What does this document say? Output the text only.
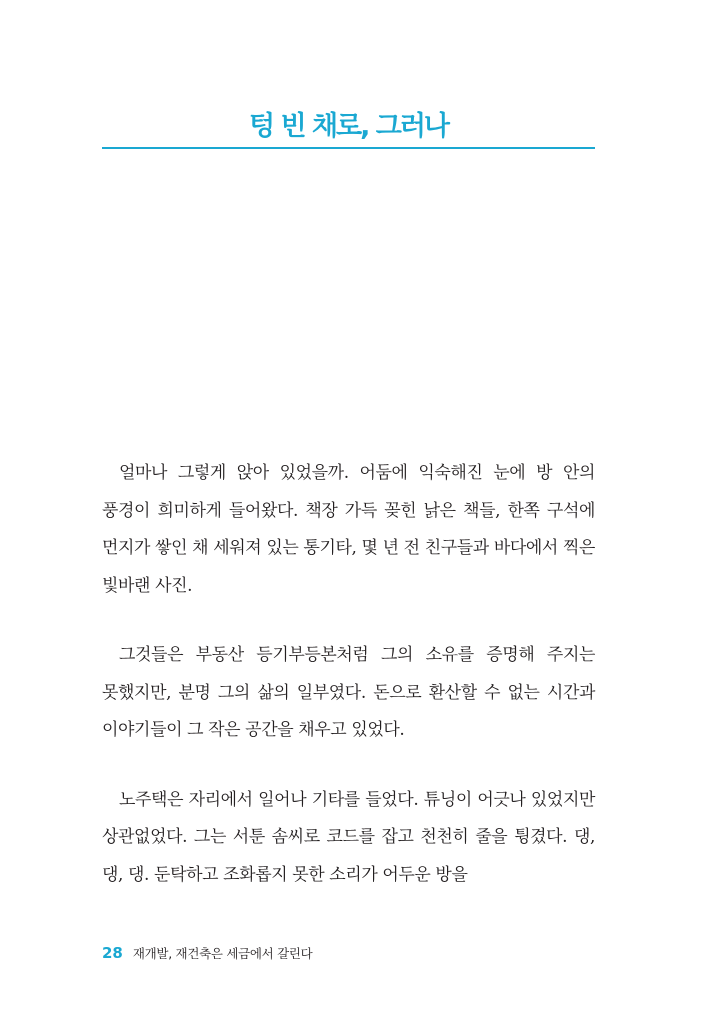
텅 빈 채로, 그러나

얼마나 그렇게 앉아 있었을까. 어둠에 익숙해진 눈에 방 안의 풍경이 희미하게 들어왔다. 책장 가득 꽂힌 낡은 책들, 한쪽 구석에 먼지가 쌓인 채 세워져 있는 통기타, 몇 년 전 친구들과 바다에서 찍은 빛바랜 사진.

그것들은 부동산 등기부등본처럼 그의 소유를 증명해 주지는 못했지만, 분명 그의 삶의 일부였다. 돈으로 환산할 수 없는 시간과 이야기들이 그 작은 공간을 채우고 있었다.

노주택은 자리에서 일어나 기타를 들었다. 튜닝이 어긋나 있었지만 상관없었다. 그는 서툰 솜씨로 코드를 잡고 천천히 줄을 튕겼다. 댕, 댕, 댕. 둔탁하고 조화롭지 못한 소리가 어두운 방을

28 재개발, 재건축은 세금에서 갈린다
